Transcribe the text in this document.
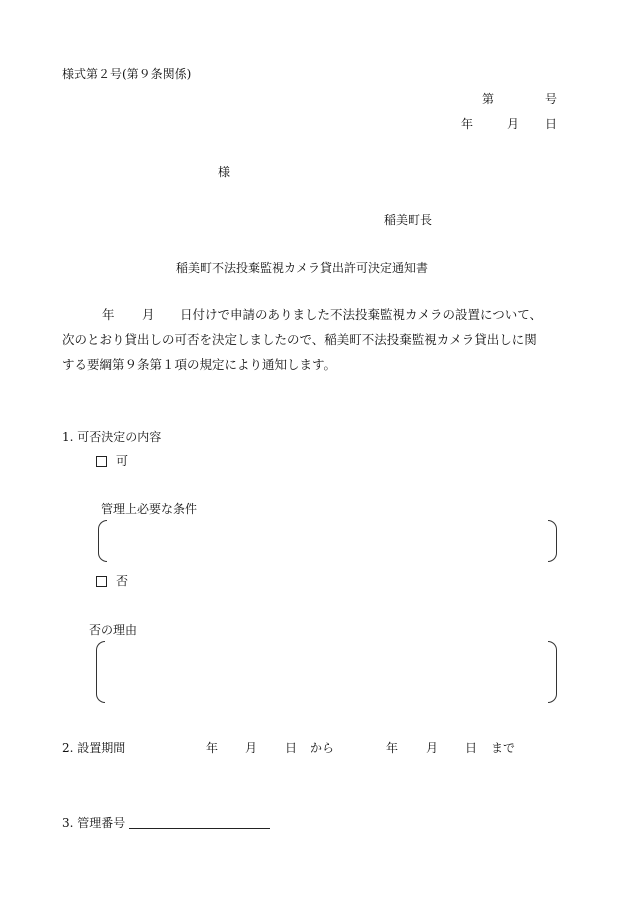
様式第２号(第９条関係)
第	号
年	月 日
様
稲美町長
稲美町不法投棄監視カメラ貸出許可決定通知書
年 月 日付けで申請のありました不法投棄監視カメラの設置について、
次のとおり貸出しの可否を決定しましたので、稲美町不法投棄監視カメラ貸出しに関
する要綱第９条第１項の規定により通知します。
1. 可否決定の内容
可
管理上必要な条件
否
否の理由
2. 設置期間	年 月 日 から	年 月 日 まで
3. 管理番号
